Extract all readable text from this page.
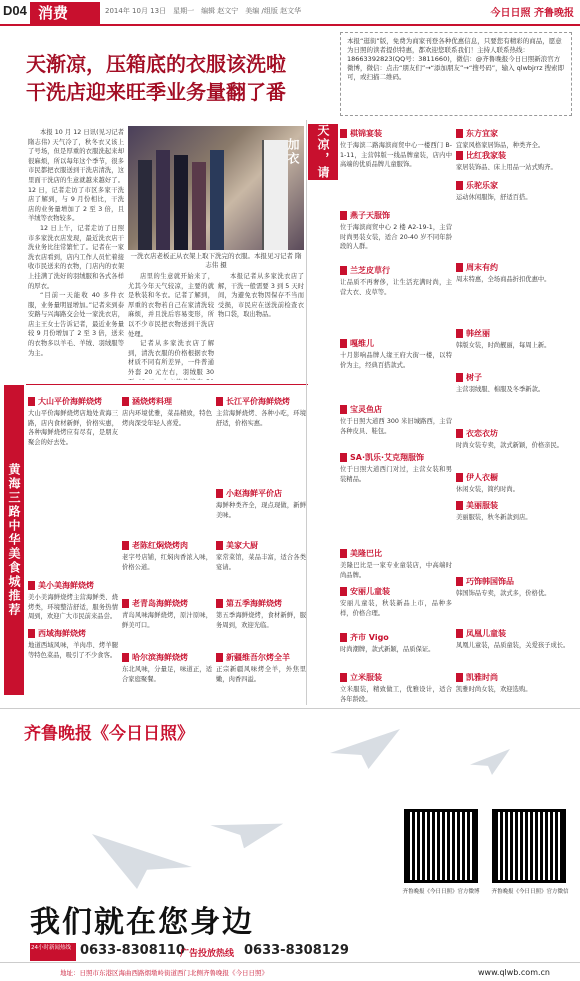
D04 消费	2014年 10月 13日　星期一　编辑 赵文宁　美编 /组版 赵文华	今日日照 齐鲁晚报
天渐凉，压箱底的衣服该洗啦
干洗店迎来旺季业务量翻了番

本报 10 月 12 日讯(见习记者 隋志伟) 天气冷了，秋冬衣又该上了号场，但是厚重的衣服洗起来却很麻烦，所以每年这个季节，很多市民都把衣服送到干洗店清洗，这里面干洗店的生意就越来越好了。12 日，记者走访了市区多家干洗店了解到，与 9 月份相比，干洗店的业务量增加了 2 至 3 倍，且羊绒等衣物较多。

12 日上午，记者走访了日照市多家洗衣店发现，最近洗衣店干洗业务比往常繁忙了。记者在一家洗衣店看到，店内工作人员忙着接收市民送来的衣物，门店内的衣架上挂满了洗好的羽绒服和各式各样的厚衣。

“目前一天能收 40 多件衣服，业务量明显增加。”记者来到泰安路与兴海路交会处一家洗衣店，店主王女士告诉记者，最近业务量较 9 月份增加了 2 至 3 倍，送来的衣物多以羊毛、羊绒、羽绒服等为主。

一洗衣店老板正从衣架上取下洗完的衣服。本报见习记者 隋志伟 摄

店里的生意就开始来了，尤其今年天气较凉，主要的就是秋装和冬衣。记者了解到，厚重的衣物若自己在家清洗较麻烦，并且洗后容易变形，所以不少市民把衣物送到干洗店处理。

记者从多家洗衣店了解到，清洗衣服的价格根据衣物材质不同有所差异，一件普通外套 20 元左右，羽绒服 30

本报记者从多家洗衣店了解，干洗一般需要 3 到 5 天时间，为避免衣物因保存不当而受损，市民应在送洗前检查衣物口袋，取出物品。

天凉，请加衣
本报“逛街”版，免费为商家刊登各种优惠信息，只要您有精彩的商品，愿意为日照的读者提供特惠，都欢迎您联系我们！主持人联系热线：18663392823(QQ号：3811660)，微信：@齐鲁晚报今日日照新浪官方微博，微信：点击“朋友们”→“添加朋友”→“搜号码”，输入 qlwbjrrz 搜索即可，或扫描二维码。
黄海三路中华美食城推荐
大山平价海鲜烧烤
大山平价海鲜烧烤店地处黄海三路，店内食材新鲜，价格实惠，各种海鲜烧烤应有尽有，是朋友聚会的好去处。
美小美海鲜烧烤
美小美海鲜烧烤主营海鲜类、烧烤类，环境整洁舒适，服务热情周到，欢迎广大市民前来品尝。
西域海鲜烧烤
地道西域风味，羊肉串、烤羊腿等特色菜品，吸引了不少食客。
涵烧烤料理
店内环境优雅，菜品精致，特色烤肉深受年轻人喜爱。
老陈红焖烧烤肉
老字号店铺，红焖肉香浓入味，价格公道。
老青岛海鲜烧烤
青岛风味海鲜烧烤，原汁原味，鲜美可口。
哈尔滨海鲜烧烤
东北风味，分量足，味道正，适合家庭聚餐。
长江平价海鲜烧烤
主营海鲜烧烤、各种小吃，环境舒适，价格实惠。
小赵海鲜平价店
海鲜种类齐全，现点现做，新鲜美味。
美家大厨
家常菜馆，菜品丰富，适合各类宴请。
第五季海鲜烧烤
第五季海鲜烧烤，食材新鲜，服务周到，欢迎光临。
新疆维吾尔烤全羊
正宗新疆风味烤全羊，外焦里嫩，肉香四溢。
棋锦宴装
位于海滨二路海滨商贸中心一楼西门 B-1-11，主营韩版一线品牌童装，店内中高端的优质品牌儿童服饰。
东方宜家
宜家风格家居饰品，种类齐全。
燕子天服饰
位于海滨商贸中心 2 楼 A2-19-1，主营时尚男装女装，适合 20-40 岁不同年龄段的人群。
兰芝皮草行
让品质不再奢侈，让生活充满时尚，主营大衣、皮草等。
嘎维儿
十月影响品牌人缘王府大街一楼，以特价为主，经典百搭款式。
宝灵鱼店
位于日照大道西 300 米旧城路西，主营各种皮具、鞋包。
SA·凯乐·艾克翔服饰
位于日照大道西门对过，主营女装和男装精品。
美隆巴比
美隆巴比是一家专业童装店，中高端时尚品牌。
安丽儿童装
安丽儿童装，秋装新品上市，品种多样，价格合理。
齐市 Vigo
时尚潮牌，款式新颖，品质保证。
立米服装
立米服装，精致做工，优雅设计，适合各年龄段。
乐驼乐家
运动休闲服饰，舒适百搭。
比红我家装
家居装饰品、床上用品一站式购齐。
周末有约
周末特惠，全场商品折扣优惠中。
韩丝丽
韩版女装，时尚靓丽，每周上新。
树子
主营羽绒服、棉服及冬季新款。
衣恋衣坊
时尚女装专卖，款式新颖，价格亲民。
伊人衣橱
休闲女装，简约时尚。
美丽服装
美丽服装，秋冬新款到店。
巧饰韩国饰品
韩国饰品专卖，款式多，价格优。
凤凰儿童装
凤凰儿童装，品质童装，关爱孩子成长。
凯雅时尚
凯雅时尚女装，欢迎选购。
齐鲁晚报《今日日照》
我们就在您身边
24小时新闻热线 0633-8308110
广告投放热线 0633-8308129
齐鲁晚报《今日日照》官方微博	齐鲁晚报《今日日照》官方微信
地址：日照市东港区海曲西路烟墩岭街道西门北侧齐鲁晚报《今日日照》	www.qlwb.com.cn
